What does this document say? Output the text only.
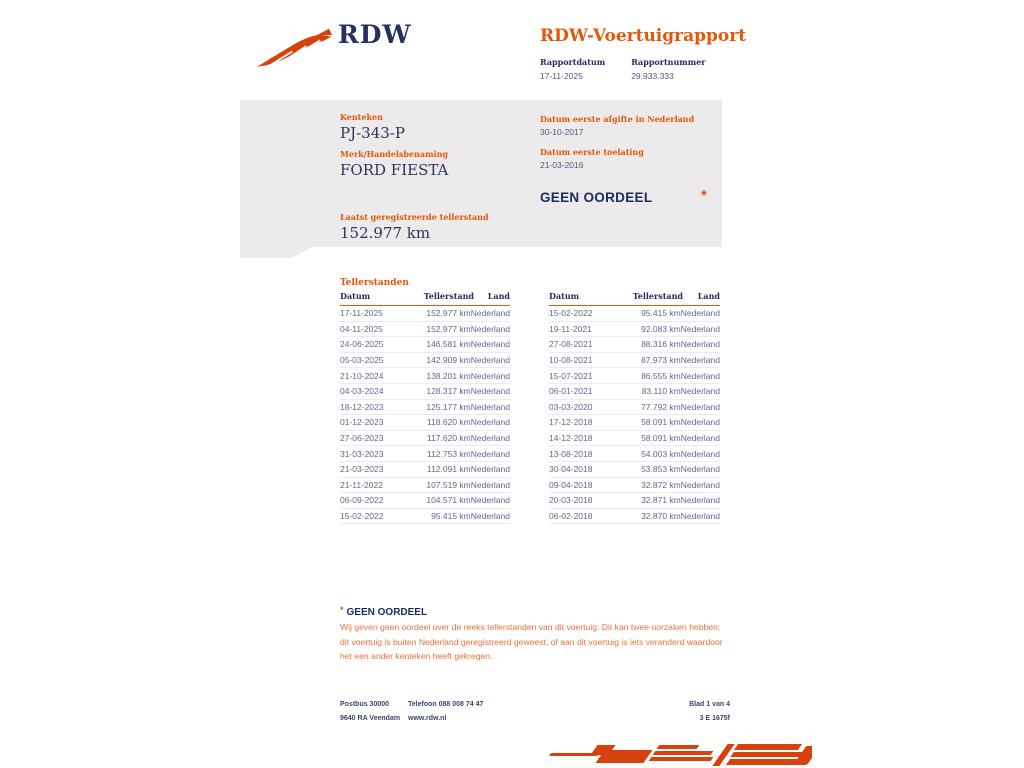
RDW	RDW-Voertuigrapport
Rapportdatum
17-11-2025
Rapportnummer
29.933.333
Kenteken
PJ-343-P
Merk/Handelsbenaming
FORD FIESTA
Laatst geregistreerde tellerstand
152.977 km
Datum eerste afgifte in Nederland
30-10-2017
Datum eerste toelating
21-03-2016
GEEN OORDEEL	*
Tellerstanden
Datum	Tellerstand	Land
17-11-2025	152.977 km Nederland
04-11-2025	152.977 km Nederland
24-06-2025	146.581 km Nederland
05-03-2025	142.909 km Nederland
21-10-2024	138.201 km Nederland
04-03-2024	128.317 km Nederland
18-12-2023	125.177 km Nederland
01-12-2023	118.620 km Nederland
27-06-2023	117.620 km Nederland
31-03-2023	112.753 km Nederland
21-03-2023	112.091 km Nederland
21-11-2022	107.519 km Nederland
06-09-2022	104.571 km Nederland
15-02-2022	95.415 km Nederland
Datum	Tellerstand	Land
15-02-2022	95.415 km Nederland
19-11-2021	92.083 km Nederland
27-08-2021	88.316 km Nederland
10-08-2021	87.973 km Nederland
15-07-2021	86.555 km Nederland
06-01-2021	83.110 km Nederland
03-03-2020	77.792 km Nederland
17-12-2018	58.091 km Nederland
14-12-2018	58.091 km Nederland
13-08-2018	54.003 km Nederland
30-04-2018	53.853 km Nederland
09-04-2018	32.872 km Nederland
20-03-2018	32.871 km Nederland
06-02-2018	32.870 km Nederland
* GEEN OORDEEL
Wij geven geen oordeel over de reeks tellerstanden van dit voertuig. Dit kan twee oorzaken hebben: dit voertuig is buiten Nederland geregistreerd geweest, of aan dit voertuig is iets veranderd waardoor het een ander kenteken heeft gekregen.
Postbus 30000
9640 RA Veendam
Telefoon 088 008 74 47
www.rdw.nl
Blad 1 van 4
3 E 1675f
